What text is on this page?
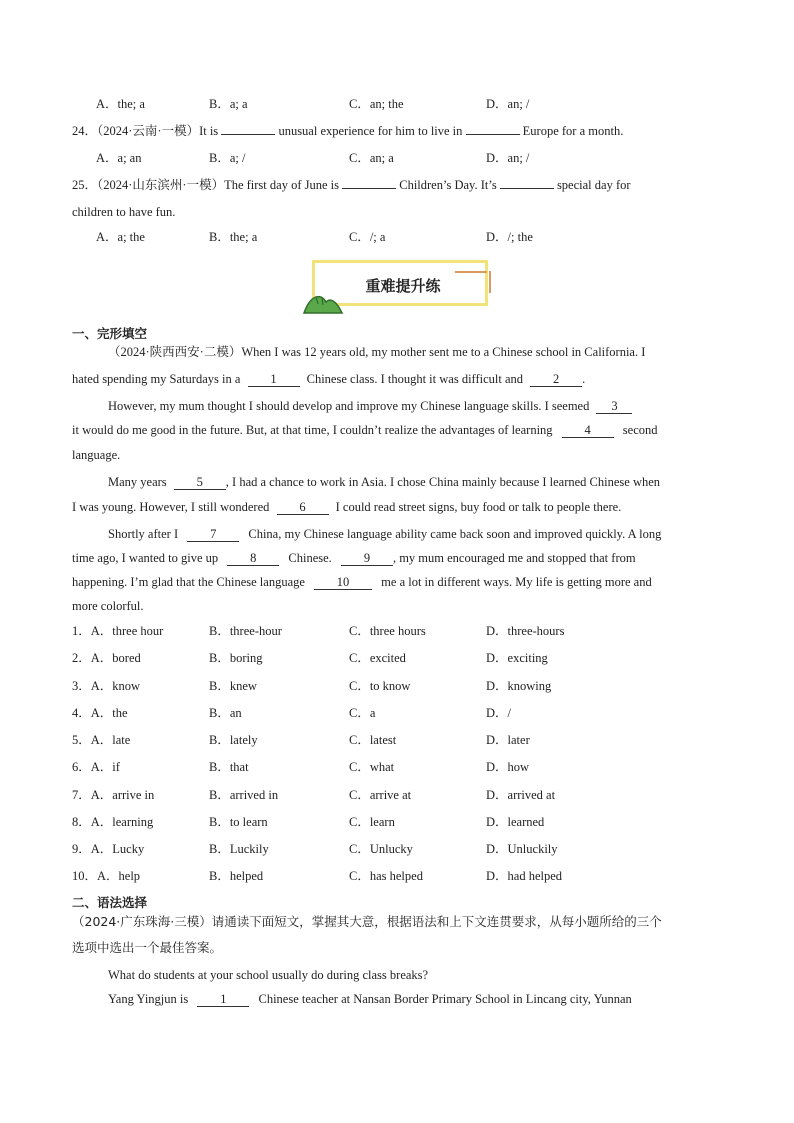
A．the; a	B．a; a	C．an; the	D．an; /
24．（2024·云南·一模）It is	unusual experience for him to live in	Europe for a month.
A．a; an	B．a; /	C．an; a	D．an; /
25．（2024·山东滨州·一模）The first day of June is	Children’s Day. It’s	special day for
children to have fun.
A．a; the	B．the; a	C．/; a	D．/; the
重难提升练
一、完形填空
（2024·陕西西安·二模）When I was 12 years old, my mother sent me to a Chinese school in California. I
hated spending my Saturdays in a 1 Chinese class. I thought it was difficult and 2 .
However, my mum thought I should develop and improve my Chinese language skills. I seemed 3
it would do me good in the future. But, at that time, I couldn’t realize the advantages of learning	4	second
language.
Many years 5 , I had a chance to work in Asia. I chose China mainly because I learned Chinese when
I was young. However, I still wondered 6 I could read street signs, buy food or talk to people there.
Shortly after I	7	China, my Chinese language ability came back soon and improved quickly. A long
time ago, I wanted to give up	8	Chinese.	9 , my mum encouraged me and stopped that from
happening. I’m glad that the Chinese language	10	me a lot in different ways. My life is getting more and
more colorful.
1．A．three hour	B．three-hour	C．three hours	D．three-hours
2．A．bored	B．boring	C．excited	D．exciting
3．A．know	B．knew	C．to know	D．knowing
4．A．the	B．an	C．a	D．/
5．A．late	B．lately	C．latest	D．later
6．A．if	B．that	C．what	D．how
7．A．arrive in	B．arrived in	C．arrive at	D．arrived at
8．A．learning	B．to learn	C．learn	D．learned
9．A．Lucky	B．Luckily	C．Unlucky	D．Unluckily
10．A．help	B．helped	C．has helped	D．had helped
二、语法选择
（2024·广东珠海·三模）请通读下面短文，掌握其大意，根据语法和上下文连贯要求，从每小题所给的三个
选项中选出一个最佳答案。
What do students at your school usually do during class breaks?
Yang Yingjun is	1	Chinese teacher at Nansan Border Primary School in Lincang city, Yunnan
